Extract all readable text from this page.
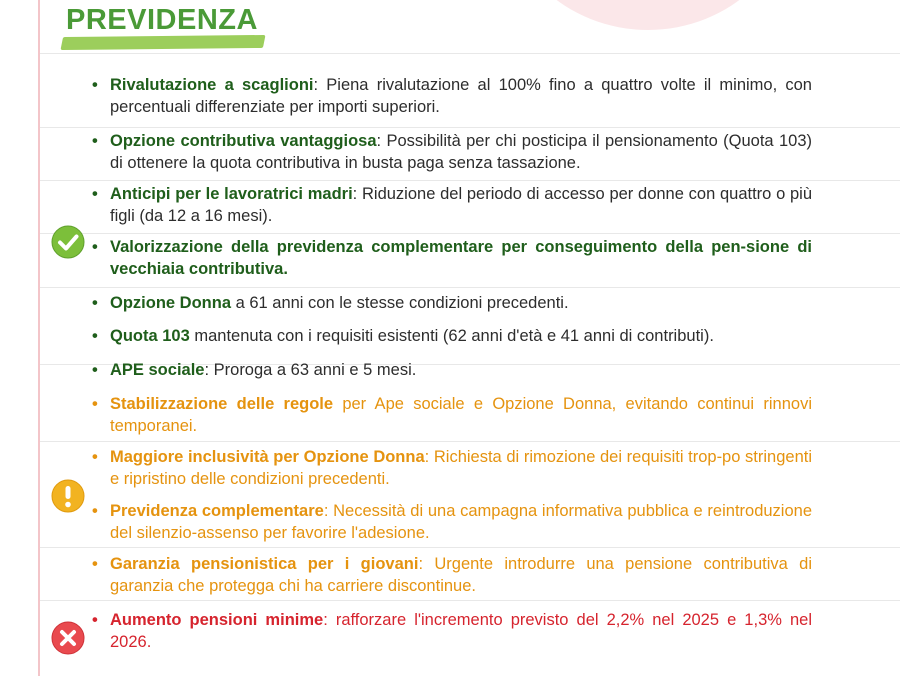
PREVIDENZA
• Rivalutazione a scaglioni: Piena rivalutazione al 100% fino a quattro volte il minimo, con percentuali differenziate per importi superiori.
• Opzione contributiva vantaggiosa: Possibilità per chi posticipa il pensionamento (Quota 103) di ottenere la quota contributiva in busta paga senza tassazione.
• Anticipi per le lavoratrici madri: Riduzione del periodo di accesso per donne con quattro o più figli (da 12 a 16 mesi).
• Valorizzazione della previdenza complementare per conseguimento della pen-sione di vecchiaia contributiva.
• Opzione Donna a 61 anni con le stesse condizioni precedenti.
• Quota 103 mantenuta con i requisiti esistenti (62 anni d'età e 41 anni di contributi).
• APE sociale: Proroga a 63 anni e 5 mesi.
• Stabilizzazione delle regole per Ape sociale e Opzione Donna, evitando continui rinnovi temporanei.
• Maggiore inclusività per Opzione Donna: Richiesta di rimozione dei requisiti trop-po stringenti e ripristino delle condizioni precedenti.
• Previdenza complementare: Necessità di una campagna informativa pubblica e reintroduzione del silenzio-assenso per favorire l'adesione.
• Garanzia pensionistica per i giovani: Urgente introdurre una pensione contributiva di garanzia che protegga chi ha carriere discontinue.
• Aumento pensioni minime: rafforzare l'incremento previsto del 2,2% nel 2025 e 1,3% nel 2026.
